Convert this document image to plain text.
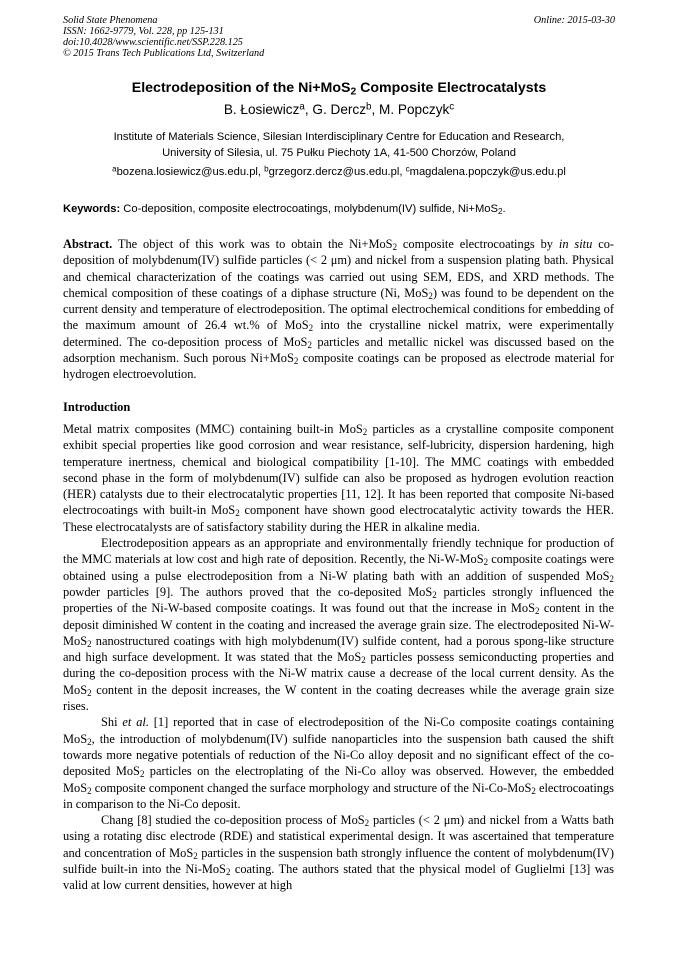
Solid State Phenomena
ISSN: 1662-9779, Vol. 228, pp 125-131
doi:10.4028/www.scientific.net/SSP.228.125
© 2015 Trans Tech Publications Ltd, Switzerland
Online: 2015-03-30
Electrodeposition of the Ni+MoS$_2$ Composite Electrocatalysts
B. Łosiewicz$^a$, G. Dercz$^b$, M. Popczyk$^c$
Institute of Materials Science, Silesian Interdisciplinary Centre for Education and Research,
University of Silesia, ul. 75 Pułku Piechoty 1A, 41-500 Chorzów, Poland
$^a$bozena.losiewicz@us.edu.pl, $^b$grzegorz.dercz@us.edu.pl, $^c$magdalena.popczyk@us.edu.pl
Keywords: Co-deposition, composite electrocoatings, molybdenum(IV) sulfide, Ni+MoS$_2$.

Abstract. The object of this work was to obtain the Ni+MoS$_2$ composite electrocoatings by in situ co-deposition of molybdenum(IV) sulfide particles (< 2 μm) and nickel from a suspension plating bath. Physical and chemical characterization of the coatings was carried out using SEM, EDS, and XRD methods. The chemical composition of these coatings of a diphase structure (Ni, MoS$_2$) was found to be dependent on the current density and temperature of electrodeposition. The optimal electrochemical conditions for embedding of the maximum amount of 26.4 wt.% of MoS$_2$ into the crystalline nickel matrix, were experimentally determined. The co-deposition process of MoS$_2$ particles and metallic nickel was discussed based on the adsorption mechanism. Such porous Ni+MoS$_2$ composite coatings can be proposed as electrode material for hydrogen electroevolution.

Introduction

Metal matrix composites (MMC) containing built-in MoS$_2$ particles as a crystalline composite component exhibit special properties like good corrosion and wear resistance, self-lubricity, dispersion hardening, high temperature inertness, chemical and biological compatibility [1-10]. The MMC coatings with embedded second phase in the form of molybdenum(IV) sulfide can also be proposed as hydrogen evolution reaction (HER) catalysts due to their electrocatalytic properties [11, 12]. It has been reported that composite Ni-based electrocoatings with built-in MoS$_2$ component have shown good electrocatalytic activity towards the HER. These electrocatalysts are of satisfactory stability during the HER in alkaline media.

Electrodeposition appears as an appropriate and environmentally friendly technique for production of the MMC materials at low cost and high rate of deposition. Recently, the Ni-W-MoS$_2$ composite coatings were obtained using a pulse electrodeposition from a Ni-W plating bath with an addition of suspended MoS$_2$ powder particles [9]. The authors proved that the co-deposited MoS$_2$ particles strongly influenced the properties of the Ni-W-based composite coatings. It was found out that the increase in MoS$_2$ content in the deposit diminished W content in the coating and increased the average grain size. The electrodeposited Ni-W-MoS$_2$ nanostructured coatings with high molybdenum(IV) sulfide content, had a porous spong-like structure and high surface development. It was stated that the MoS$_2$ particles possess semiconducting properties and during the co-deposition process with the Ni-W matrix cause a decrease of the local current density. As the MoS$_2$ content in the deposit increases, the W content in the coating decreases while the average grain size rises.

Shi et al. [1] reported that in case of electrodeposition of the Ni-Co composite coatings containing MoS$_2$, the introduction of molybdenum(IV) sulfide nanoparticles into the suspension bath caused the shift towards more negative potentials of reduction of the Ni-Co alloy deposit and no significant effect of the co-deposited MoS$_2$ particles on the electroplating of the Ni-Co alloy was observed. However, the embedded MoS$_2$ composite component changed the surface morphology and structure of the Ni-Co-MoS$_2$ electrocoatings in comparison to the Ni-Co deposit.

Chang [8] studied the co-deposition process of MoS$_2$ particles (< 2 μm) and nickel from a Watts bath using a rotating disc electrode (RDE) and statistical experimental design. It was ascertained that temperature and concentration of MoS$_2$ particles in the suspension bath strongly influence the content of molybdenum(IV) sulfide built-in into the Ni-MoS$_2$ coating. The authors stated that the physical model of Guglielmi [13] was valid at low current densities, however at high
